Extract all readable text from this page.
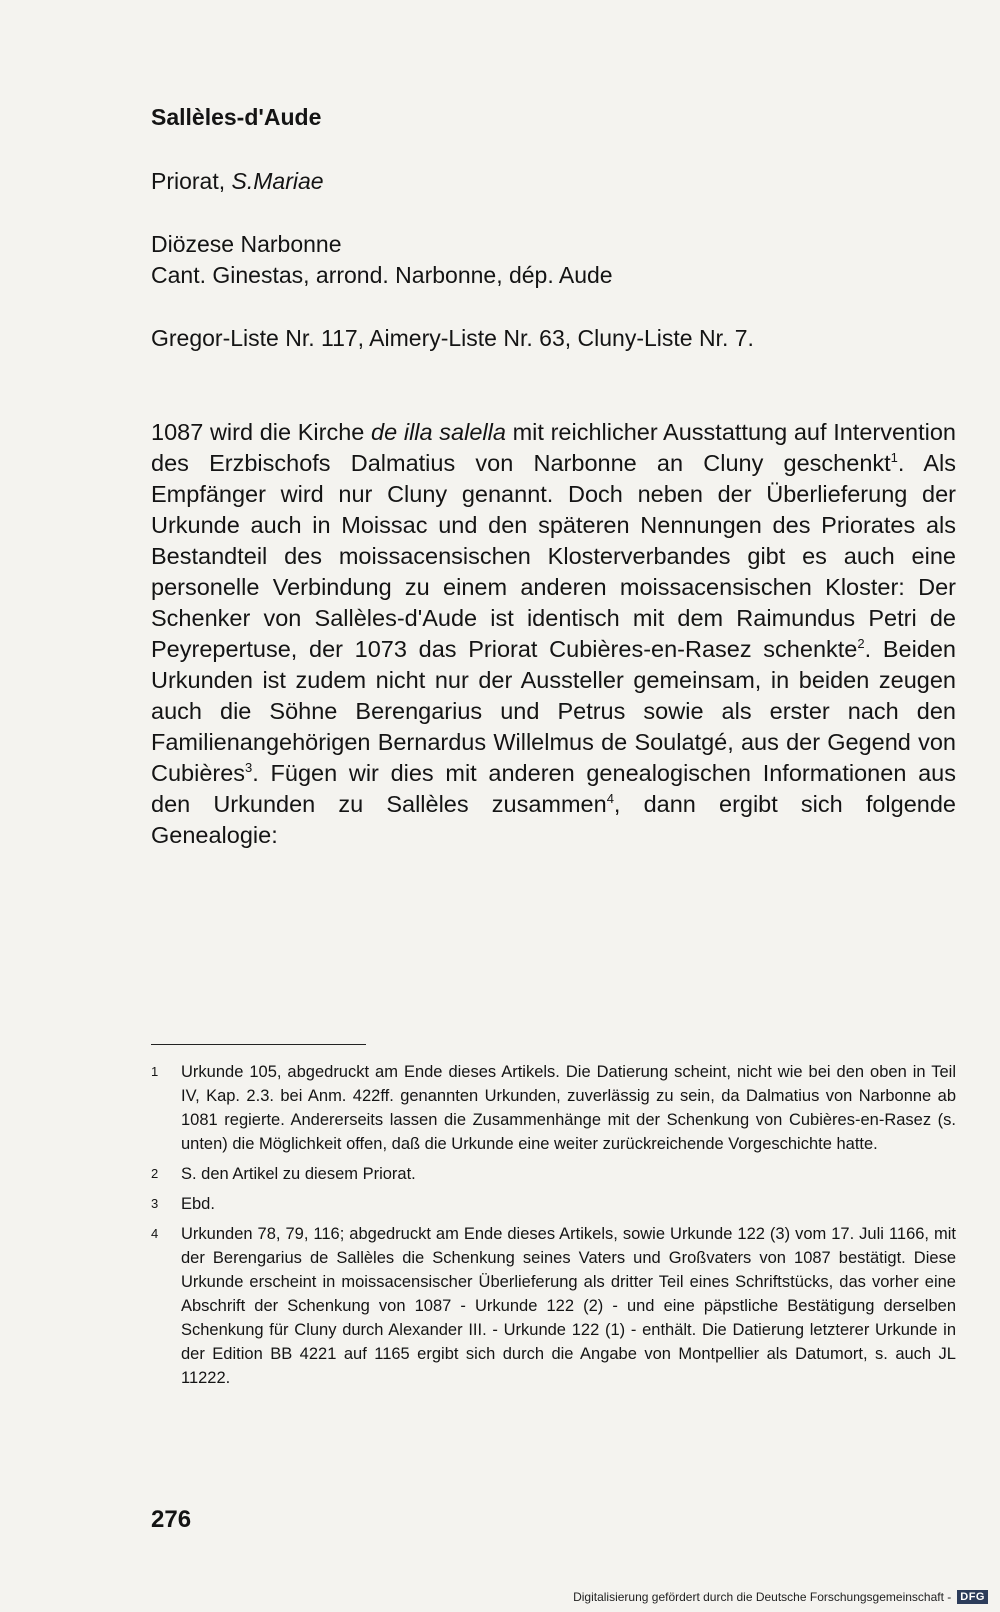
Sallèles-d'Aude

Priorat, S.Mariae

Diözese Narbonne

Cant. Ginestas, arrond. Narbonne, dép. Aude

Gregor-Liste Nr. 117, Aimery-Liste Nr. 63, Cluny-Liste Nr. 7.

1087 wird die Kirche de illa salella mit reichlicher Ausstattung auf Intervention des Erzbischofs Dalmatius von Narbonne an Cluny geschenkt$^1$. Als Empfänger wird nur Cluny genannt. Doch neben der Überlieferung der Urkunde auch in Moissac und den späteren Nennungen des Priorates als Bestandteil des moissacensischen Klosterverbandes gibt es auch eine personelle Verbindung zu einem anderen moissacensischen Kloster: Der Schenker von Sallèles-d'Aude ist identisch mit dem Raimundus Petri de Peyrepertuse, der 1073 das Priorat Cubières-en-Rasez schenkte$^2$. Beiden Urkunden ist zudem nicht nur der Aussteller gemeinsam, in beiden zeugen auch die Söhne Berengarius und Petrus sowie als erster nach den Familienangehörigen Bernardus Willelmus de Soulatgé, aus der Gegend von Cubières$^3$. Fügen wir dies mit anderen genealogischen Informationen aus den Urkunden zu Sallèles zusammen$^4$, dann ergibt sich folgende Genealogie:

1	Urkunde 105, abgedruckt am Ende dieses Artikels. Die Datierung scheint, nicht wie bei den oben in Teil IV, Kap. 2.3. bei Anm. 422ff. genannten Urkunden, zuverlässig zu sein, da Dalmatius von Narbonne ab 1081 regierte. Andererseits lassen die Zusammenhänge mit der Schenkung von Cubières-en-Rasez (s. unten) die Möglichkeit offen, daß die Urkunde eine weiter zurückreichende Vorgeschichte hatte.
2	S. den Artikel zu diesem Priorat.
3	Ebd.
4	Urkunden 78, 79, 116; abgedruckt am Ende dieses Artikels, sowie Urkunde 122 (3) vom 17. Juli 1166, mit der Berengarius de Sallèles die Schenkung seines Vaters und Großvaters von 1087 bestätigt. Diese Urkunde erscheint in moissacensischer Überlieferung als dritter Teil eines Schriftstücks, das vorher eine Abschrift der Schenkung von 1087 - Urkunde 122 (2) - und eine päpstliche Bestätigung derselben Schenkung für Cluny durch Alexander III. - Urkunde 122 (1) - enthält. Die Datierung letzterer Urkunde in der Edition BB 4221 auf 1165 ergibt sich durch die Angabe von Montpellier als Datumort, s. auch JL 11222.
276
Digitalisierung gefördert durch die Deutsche Forschungsgemeinschaft - DFG
